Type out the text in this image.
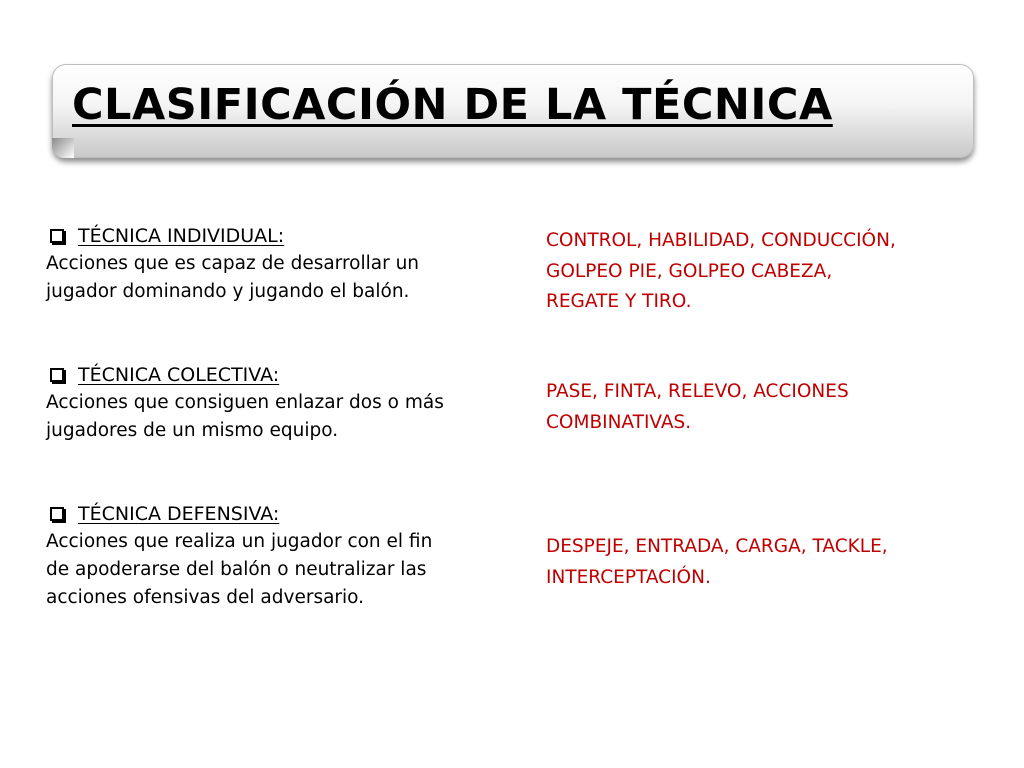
CLASIFICACIÓN DE LA TÉCNICA
TÉCNICA INDIVIDUAL:

Acciones que es capaz de desarrollar un
jugador dominando y jugando el balón.

CONTROL, HABILIDAD, CONDUCCIÓN,
GOLPEO PIE, GOLPEO CABEZA,
REGATE Y TIRO.

TÉCNICA COLECTIVA:

Acciones que consiguen enlazar dos o más
jugadores de un mismo equipo.

PASE, FINTA, RELEVO, ACCIONES
COMBINATIVAS.

TÉCNICA DEFENSIVA:

Acciones que realiza un jugador con el fin
de apoderarse del balón o neutralizar las
acciones ofensivas del adversario.

DESPEJE, ENTRADA, CARGA, TACKLE,
INTERCEPTACIÓN.
